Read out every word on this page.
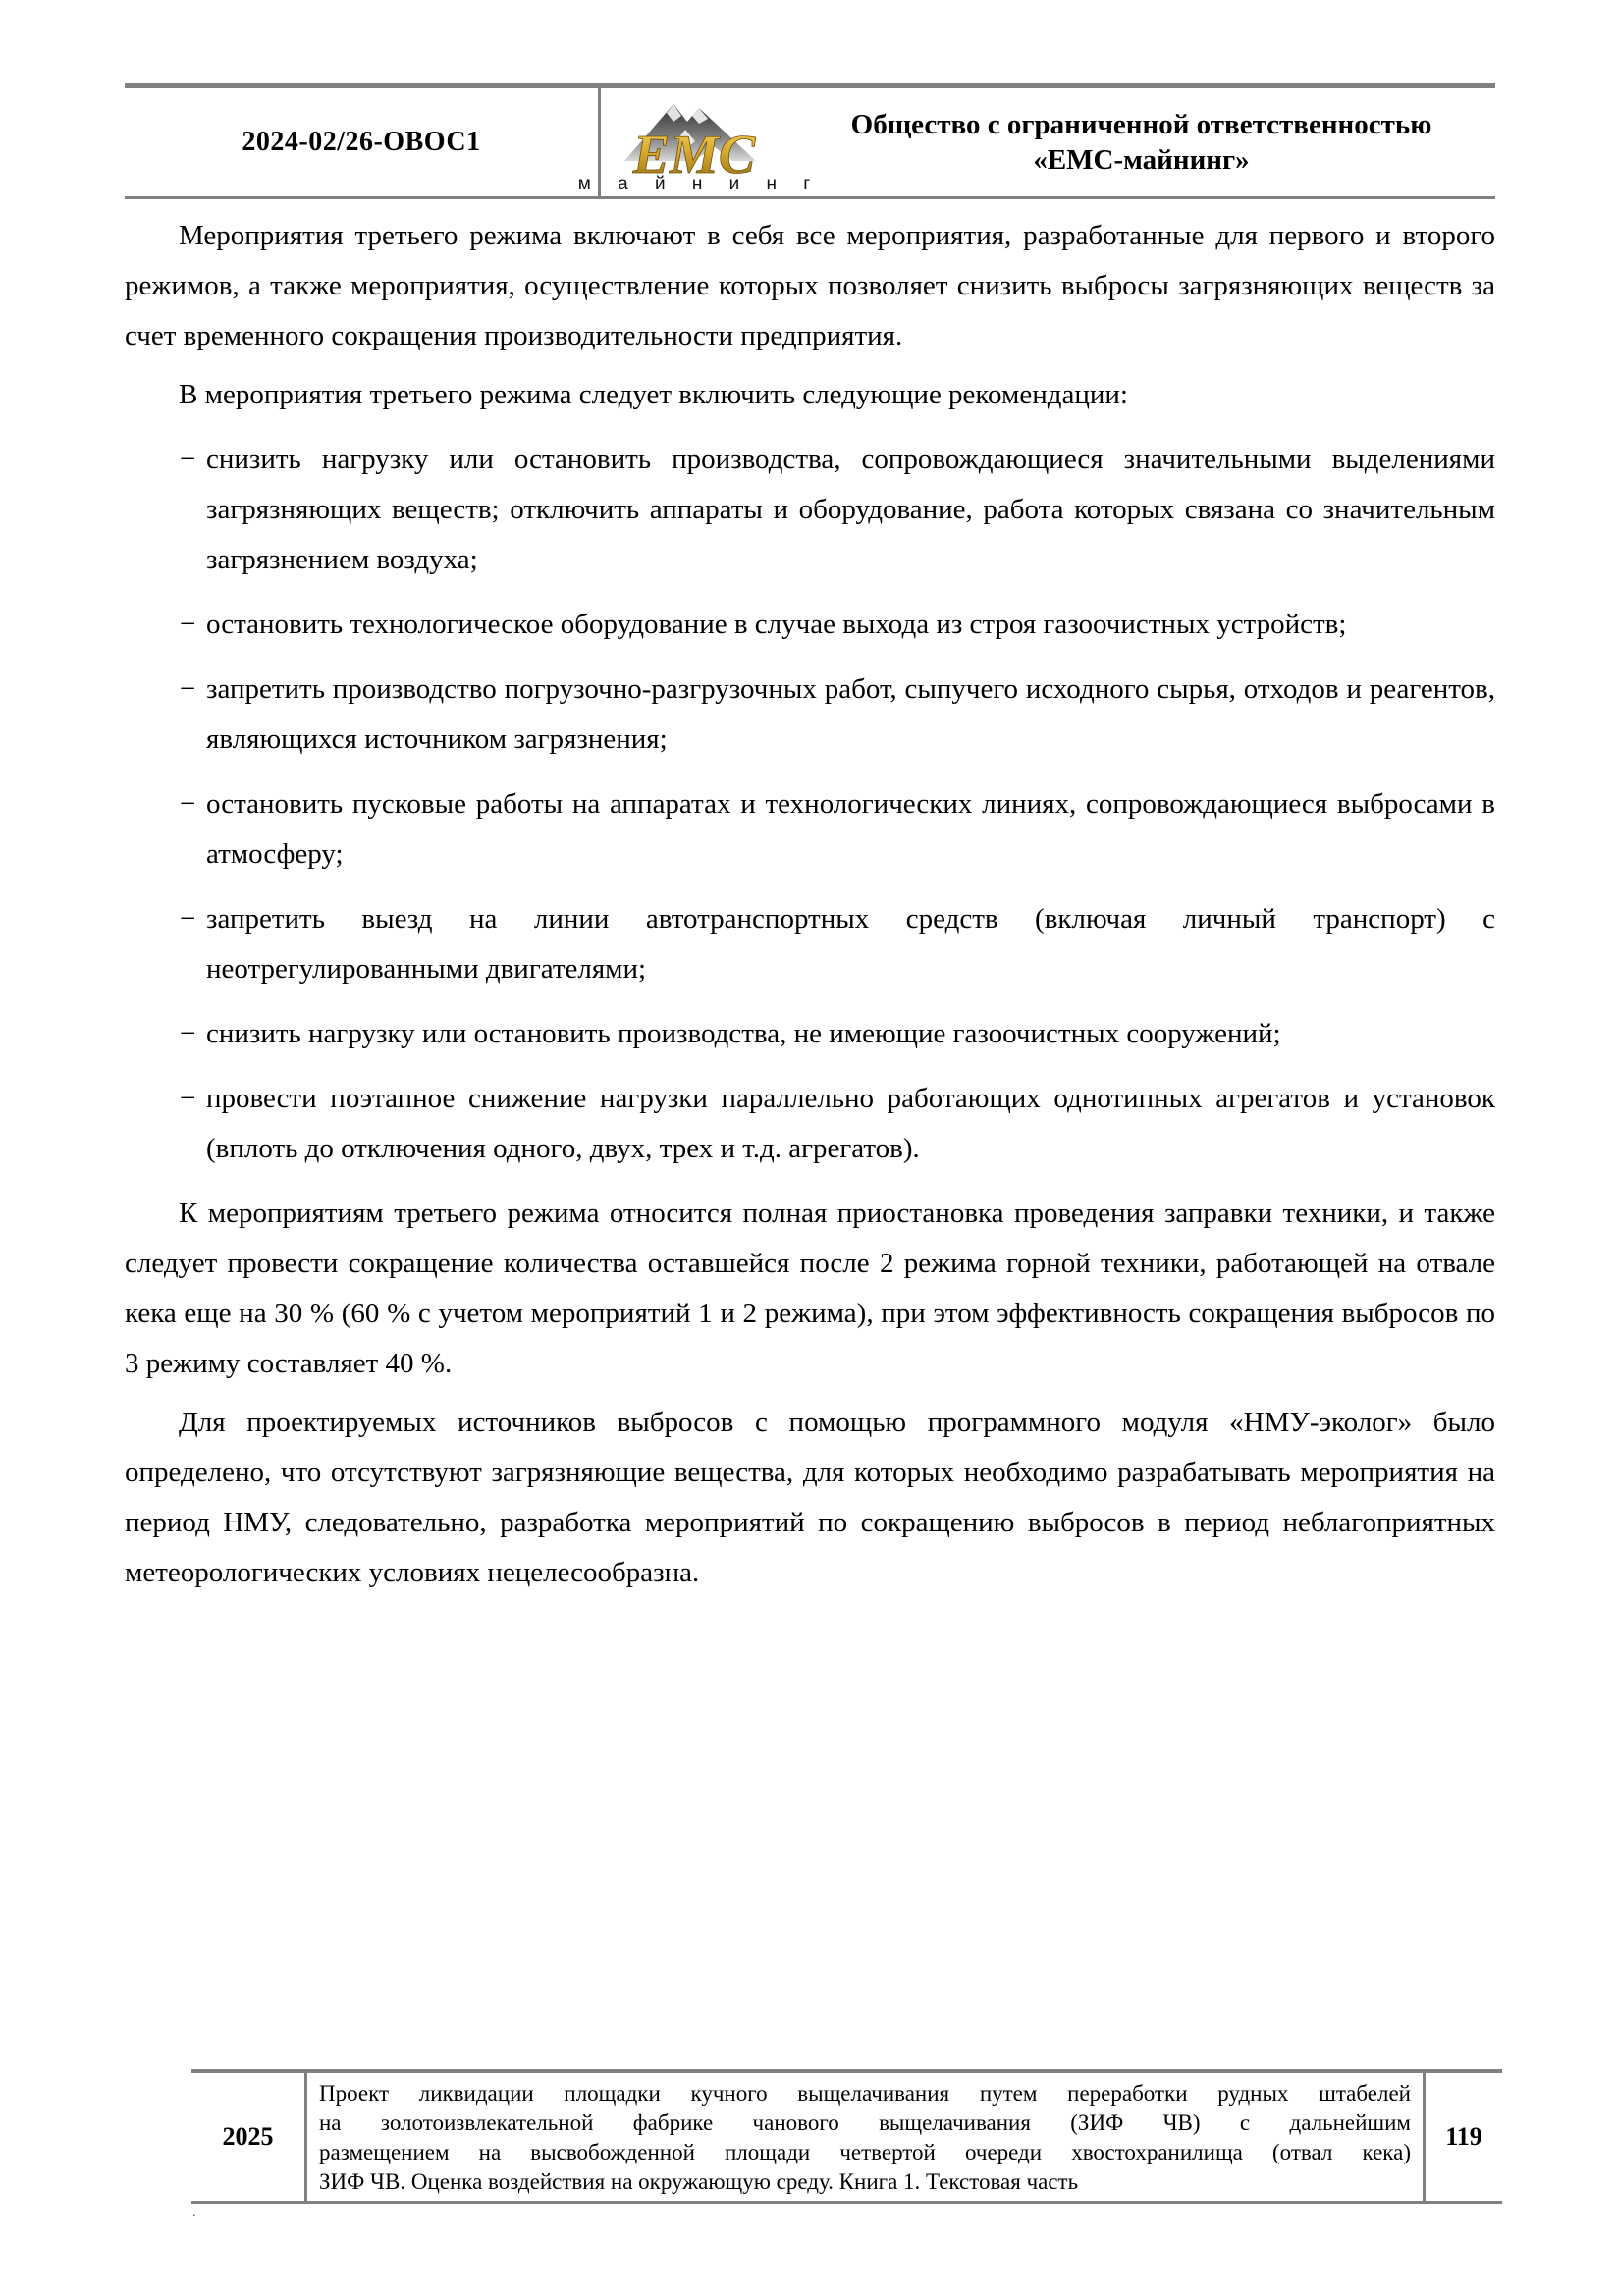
2024-02/26-ОВОС1	ЕМС
м а й н и н г
Общество с ограниченной ответственностью
«ЕМС-майнинг»

Мероприятия третьего режима включают в себя все мероприятия, разработанные для первого и второго режимов, а также мероприятия, осуществление которых позволяет снизить выбросы загрязняющих веществ за счет временного сокращения производительности предприятия.

В мероприятия третьего режима следует включить следующие рекомендации:

− снизить нагрузку или остановить производства, сопровождающиеся значительными выделениями загрязняющих веществ; отключить аппараты и оборудование, работа которых связана со значительным загрязнением воздуха;
− остановить технологическое оборудование в случае выхода из строя газоочистных устройств;
− запретить производство погрузочно-разгрузочных работ, сыпучего исходного сырья, отходов и реагентов, являющихся источником загрязнения;
− остановить пусковые работы на аппаратах и технологических линиях, сопровождающиеся выбросами в атмосферу;
− запретить выезд на линии автотранспортных средств (включая личный транспорт) с неотрегулированными двигателями;
− снизить нагрузку или остановить производства, не имеющие газоочистных сооружений;
− провести поэтапное снижение нагрузки параллельно работающих однотипных агрегатов и установок (вплоть до отключения одного, двух, трех и т.д. агрегатов).

К мероприятиям третьего режима относится полная приостановка проведения заправки техники, и также следует провести сокращение количества оставшейся после 2 режима горной техники, работающей на отвале кека еще на 30 % (60 % с учетом мероприятий 1 и 2 режима), при этом эффективность сокращения выбросов по 3 режиму составляет 40 %.

Для проектируемых источников выбросов с помощью программного модуля «НМУ-эколог» было определено, что отсутствуют загрязняющие вещества, для которых необходимо разрабатывать мероприятия на период НМУ, следовательно, разработка мероприятий по сокращению выбросов в период неблагоприятных метеорологических условиях нецелесообразна.

2025
Проект ликвидации площадки кучного выщелачивания путем переработки рудных штабелей
на золотоизвлекательной фабрике чанового выщелачивания (ЗИФ ЧВ) с дальнейшим
размещением на высвобожденной площади четвертой очереди хвостохранилища (отвал кека)
ЗИФ ЧВ. Оценка воздействия на окружающую среду. Книга 1. Текстовая часть
119
.
